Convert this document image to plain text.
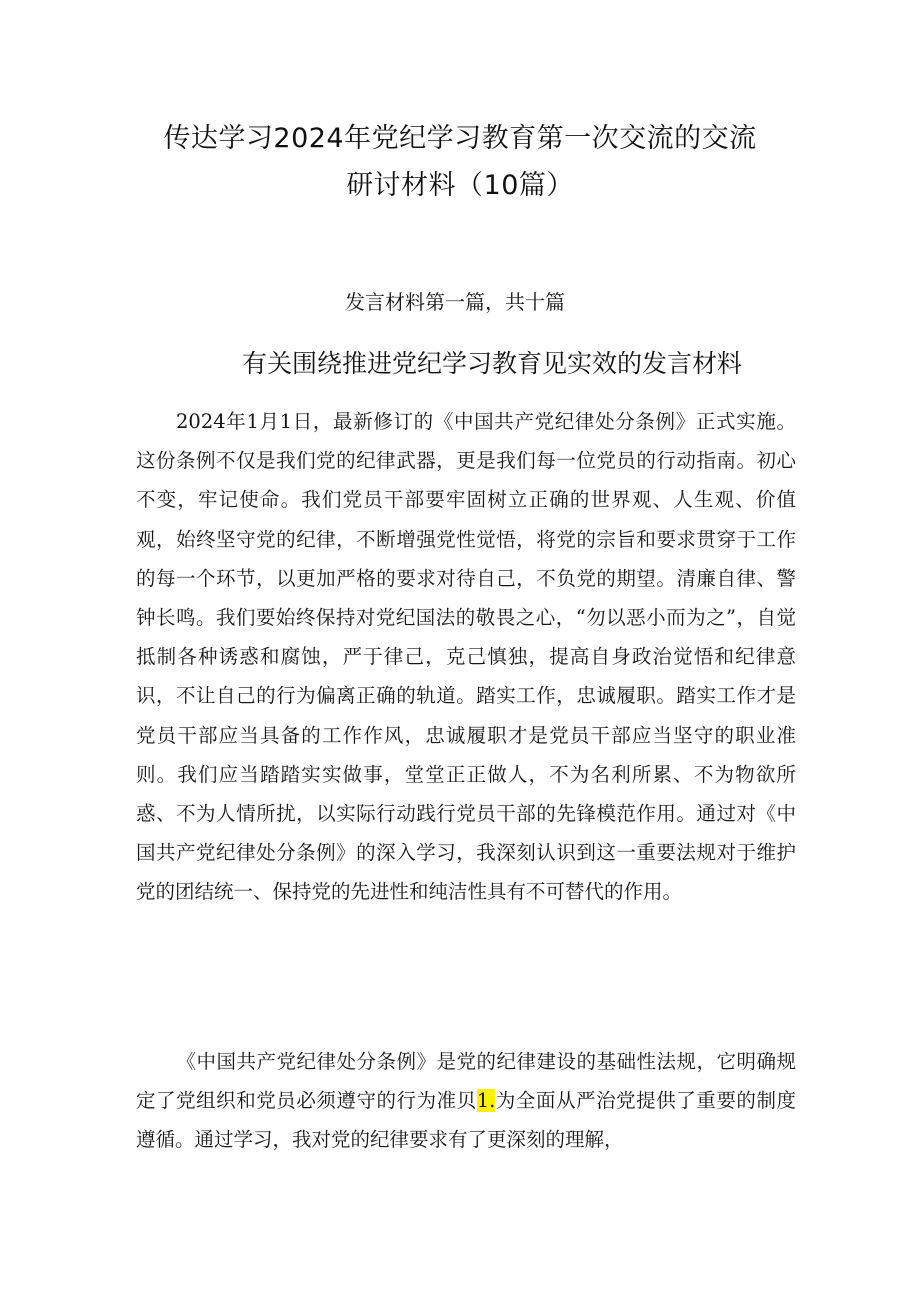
传达学习2024年党纪学习教育第一次交流的交流
研讨材料（10篇）
发言材料第一篇，共十篇
有关围绕推进党纪学习教育见实效的发言材料

2024年1月1日，最新修订的《中国共产党纪律处分条例》正式实施。这份条例不仅是我们党的纪律武器，更是我们每一位党员的行动指南。初心不变，牢记使命。我们党员干部要牢固树立正确的世界观、人生观、价值观，始终坚守党的纪律，不断增强党性觉悟，将党的宗旨和要求贯穿于工作的每一个环节，以更加严格的要求对待自己，不负党的期望。清廉自律、警钟长鸣。我们要始终保持对党纪国法的敬畏之心，“勿以恶小而为之”，自觉抵制各种诱惑和腐蚀，严于律己，克己慎独，提高自身政治觉悟和纪律意识，不让自己的行为偏离正确的轨道。踏实工作，忠诚履职。踏实工作才是党员干部应当具备的工作作风，忠诚履职才是党员干部应当坚守的职业准则。我们应当踏踏实实做事，堂堂正正做人，不为名利所累、不为物欲所惑、不为人情所扰，以实际行动践行党员干部的先锋模范作用。通过对《中国共产党纪律处分条例》的深入学习，我深刻认识到这一重要法规对于维护党的团结统一、保持党的先进性和纯洁性具有不可替代的作用。

《中国共产党纪律处分条例》是党的纪律建设的基础性法规，它明确规定了党组织和党员必须遵守的行为准贝1.为全面从严治党提供了重要的制度遵循。通过学习，我对党的纪律要求有了更深刻的理解，
